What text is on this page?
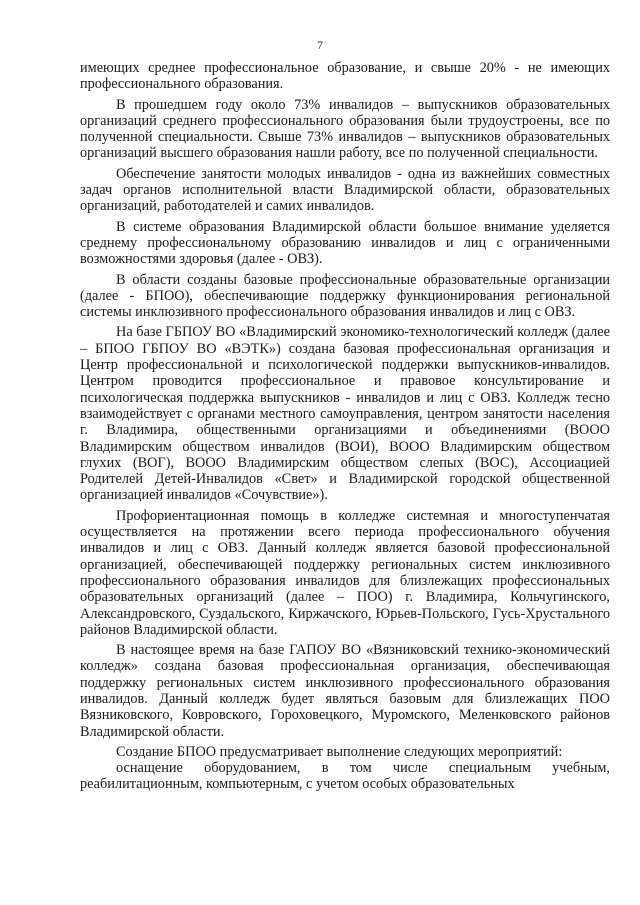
7

имеющих среднее профессиональное образование, и свыше 20% - не имеющих профессионального образования.

В прошедшем году около 73% инвалидов – выпускников образовательных организаций среднего профессионального образования были трудоустроены, все по полученной специальности. Свыше 73% инвалидов – выпускников образовательных организаций высшего образования нашли работу, все по полученной специальности.

Обеспечение занятости молодых инвалидов - одна из важнейших совместных задач органов исполнительной власти Владимирской области, образовательных организаций, работодателей и самих инвалидов.

В системе образования Владимирской области большое внимание уделяется среднему профессиональному образованию инвалидов и лиц с ограниченными возможностями здоровья (далее - ОВЗ).

В области созданы базовые профессиональные образовательные организации (далее - БПОО), обеспечивающие поддержку функционирования региональной системы инклюзивного профессионального образования инвалидов и лиц с ОВЗ.

На базе ГБПОУ ВО «Владимирский экономико-технологический колледж (далее – БПОО ГБПОУ ВО «ВЭТК») создана базовая профессиональная организация и Центр профессиональной и психологической поддержки выпускников-инвалидов. Центром проводится профессиональное и правовое консультирование и психологическая поддержка выпускников - инвалидов и лиц с ОВЗ. Колледж тесно взаимодействует с органами местного самоуправления, центром занятости населения г. Владимира, общественными организациями и объединениями (ВООО Владимирским обществом инвалидов (ВОИ), ВООО Владимирским обществом глухих (ВОГ), ВООО Владимирским обществом слепых (ВОС), Ассоциацией Родителей Детей-Инвалидов «Свет» и Владимирской городской общественной организацией инвалидов «Сочувствие»).

Профориентационная помощь в колледже системная и многоступенчатая осуществляется на протяжении всего периода профессионального обучения инвалидов и лиц с ОВЗ. Данный колледж является базовой профессиональной организацией, обеспечивающей поддержку региональных систем инклюзивного профессионального образования инвалидов для близлежащих профессиональных образовательных организаций (далее – ПОО) г. Владимира, Кольчугинского, Александровского, Суздальского, Киржачского, Юрьев-Польского, Гусь-Хрустального районов Владимирской области.

В настоящее время на базе ГАПОУ ВО «Вязниковский технико-экономический колледж» создана базовая профессиональная организация, обеспечивающая поддержку региональных систем инклюзивного профессионального образования инвалидов. Данный колледж будет являться базовым для близлежащих ПОО Вязниковского, Ковровского, Гороховецкого, Муромского, Меленковского районов Владимирской области.

Создание БПОО предусматривает выполнение следующих мероприятий:

оснащение оборудованием, в том числе специальным учебным, реабилитационным, компьютерным, с учетом особых образовательных
